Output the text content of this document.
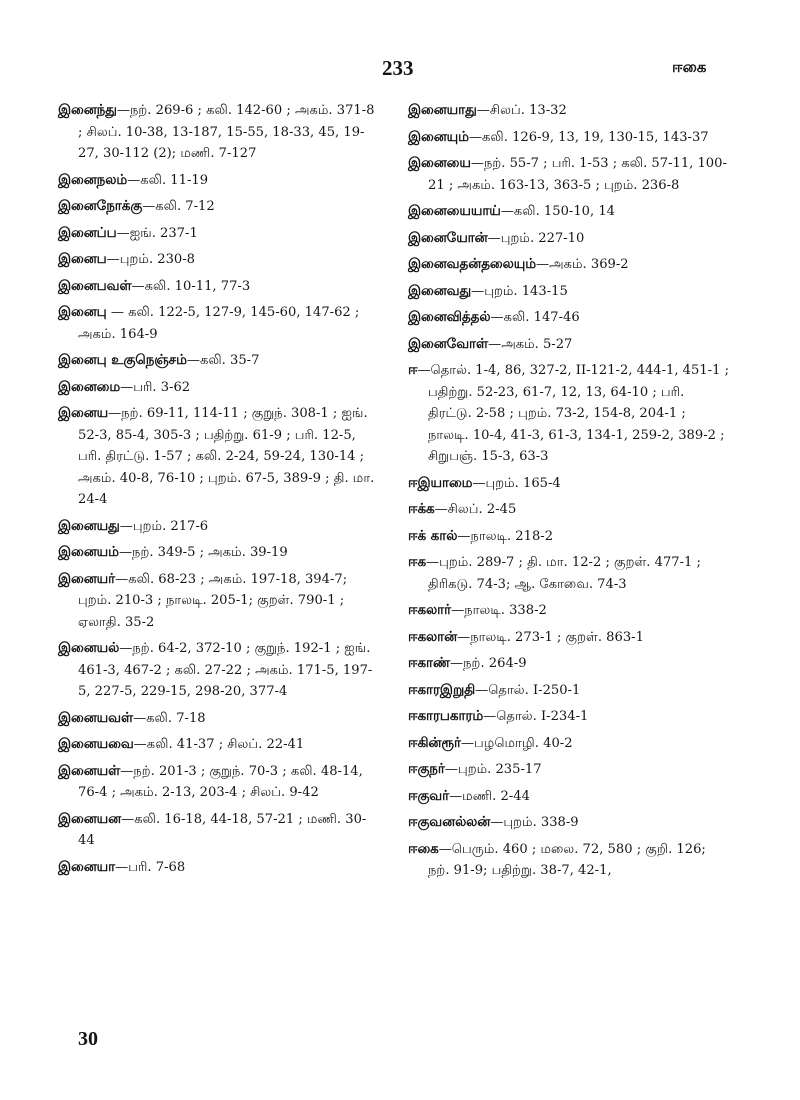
233	ஈகை
இனைந்து—நற். 269-6 ; கலி. 142-60 ; அகம். 371-8 ; சிலப். 10-38, 13-187, 15-55, 18-33, 45, 19-27, 30-112 (2); மணி. 7-127
இனைநலம்—கலி. 11-19
இனைநோக்கு—கலி. 7-12
இனைப்ப—ஐங். 237-1
இனைப—புறம். 230-8
இனைபவள்—கலி. 10-11, 77-3
இனைபு — கலி. 122-5, 127-9, 145-60, 147-62 ; அகம். 164-9
இனைபு உகுநெஞ்சம்—கலி. 35-7
இனைமை—பரி. 3-62
இனைய—நற். 69-11, 114-11 ; குறுந். 308-1 ; ஐங். 52-3, 85-4, 305-3 ; பதிற்று. 61-9 ; பரி. 12-5, பரி. திரட்டு. 1-57 ; கலி. 2-24, 59-24, 130-14 ; அகம். 40-8, 76-10 ; புறம். 67-5, 389-9 ; தி. மா. 24-4
இனையது—புறம். 217-6
இனையம்—நற். 349-5 ; அகம். 39-19
இனையர்—கலி. 68-23 ; அகம். 197-18, 394-7; புறம். 210-3 ; நாலடி. 205-1; குறள். 790-1 ; ஏலாதி. 35-2
இனையல்—நற். 64-2, 372-10 ; குறுந். 192-1 ; ஐங். 461-3, 467-2 ; கலி. 27-22 ; அகம். 171-5, 197-5, 227-5, 229-15, 298-20, 377-4
இனையவள்—கலி. 7-18
இனையவை—கலி. 41-37 ; சிலப். 22-41
இனையள்—நற். 201-3 ; குறுந். 70-3 ; கலி. 48-14, 76-4 ; அகம். 2-13, 203-4 ; சிலப். 9-42
இனையன—கலி. 16-18, 44-18, 57-21 ; மணி. 30-44
இனையா—பரி. 7-68
இனையாது—சிலப். 13-32
இனையும்—கலி. 126-9, 13, 19, 130-15, 143-37
இனையை—நற். 55-7 ; பரி. 1-53 ; கலி. 57-11, 100-21 ; அகம். 163-13, 363-5 ; புறம். 236-8
இனையையாய்—கலி. 150-10, 14
இனையோன்—புறம். 227-10
இனைவதன்தலையும்—அகம். 369-2
இனைவது—புறம். 143-15
இனைவித்தல்—கலி. 147-46
இனைவோள்—அகம். 5-27
ஈ—தொல். 1-4, 86, 327-2, II-121-2, 444-1, 451-1 ; பதிற்று. 52-23, 61-7, 12, 13, 64-10 ; பரி. திரட்டு. 2-58 ; புறம். 73-2, 154-8, 204-1 ; நாலடி. 10-4, 41-3, 61-3, 134-1, 259-2, 389-2 ; சிறுபஞ். 15-3, 63-3
ஈஇயாமை—புறம். 165-4
ஈக்க—சிலப். 2-45
ஈக் கால்—நாலடி. 218-2
ஈக—புறம். 289-7 ; தி. மா. 12-2 ; குறள். 477-1 ; திரிகடு. 74-3; ஆ. கோவை. 74-3
ஈகலார்—நாலடி. 338-2
ஈகலான்—நாலடி. 273-1 ; குறள். 863-1
ஈகாண்—நற். 264-9
ஈகாரஇறுதி—தொல். I-250-1
ஈகாரபகாரம்—தொல். I-234-1
ஈகின்ரூர்—பழமொழி. 40-2
ஈகுநர்—புறம். 235-17
ஈகுவர்—மணி. 2-44
ஈகுவனல்லன்—புறம். 338-9
ஈகை—பெரும். 460 ; மலை. 72, 580 ; குறி. 126; நற். 91-9; பதிற்று. 38-7, 42-1,
30
